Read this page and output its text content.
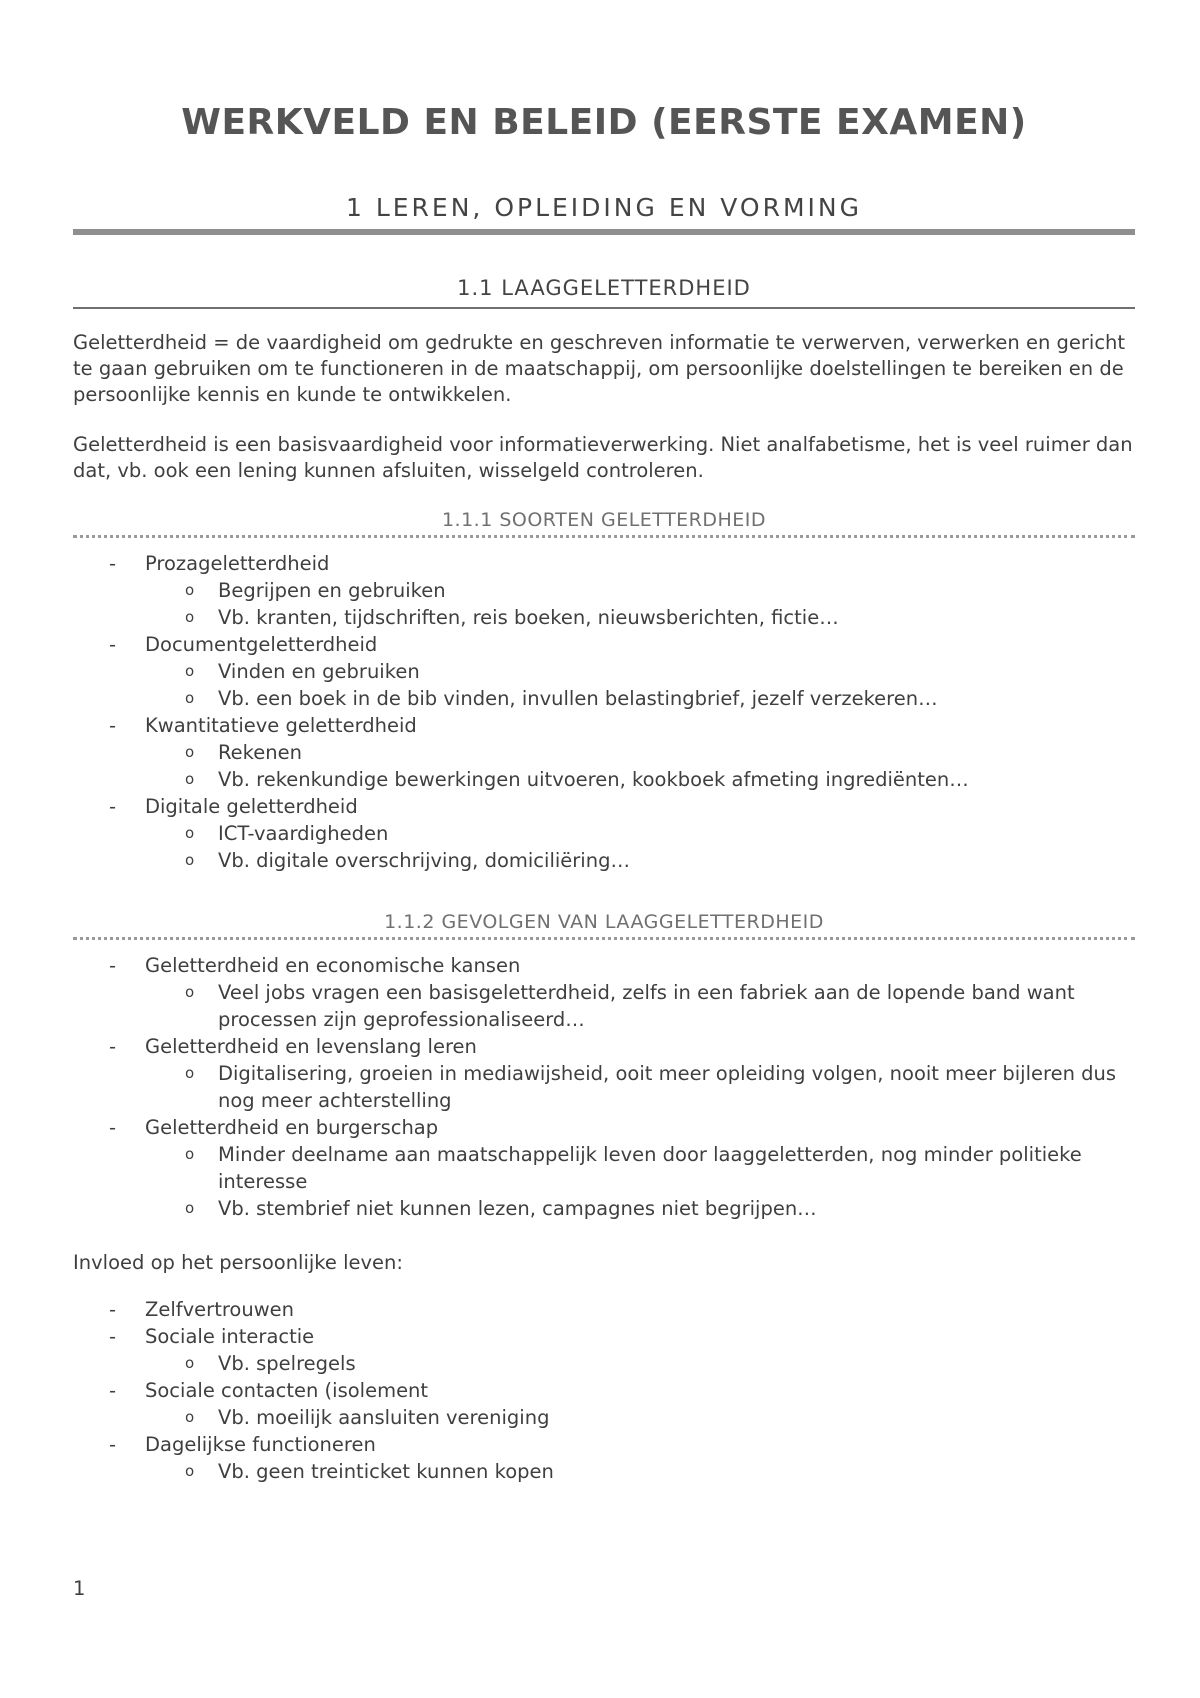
WERKVELD EN BELEID (EERSTE EXAMEN)
1 LEREN, OPLEIDING EN VORMING
1.1 LAAGGELETTERDHEID

Geletterdheid = de vaardigheid om gedrukte en geschreven informatie te verwerven, verwerken en gericht te gaan gebruiken om te functioneren in de maatschappij, om persoonlijke doelstellingen te bereiken en de persoonlijke kennis en kunde te ontwikkelen.

Geletterdheid is een basisvaardigheid voor informatieverwerking. Niet analfabetisme, het is veel ruimer dan dat, vb. ook een lening kunnen afsluiten, wisselgeld controleren.

1.1.1 SOORTEN GELETTERDHEID
- Prozageletterdheid
o Begrijpen en gebruiken
o Vb. kranten, tijdschriften, reis boeken, nieuwsberichten, fictie…
- Documentgeletterdheid
o Vinden en gebruiken
o Vb. een boek in de bib vinden, invullen belastingbrief, jezelf verzekeren…
- Kwantitatieve geletterdheid
o Rekenen
o Vb. rekenkundige bewerkingen uitvoeren, kookboek afmeting ingrediënten…
- Digitale geletterdheid
o ICT-vaardigheden
o Vb. digitale overschrijving, domiciliëring…
1.1.2 GEVOLGEN VAN LAAGGELETTERDHEID
- Geletterdheid en economische kansen
o Veel jobs vragen een basisgeletterdheid, zelfs in een fabriek aan de lopende band want processen zijn geprofessionaliseerd…
- Geletterdheid en levenslang leren
o Digitalisering, groeien in mediawijsheid, ooit meer opleiding volgen, nooit meer bijleren dus nog meer achterstelling
- Geletterdheid en burgerschap
o Minder deelname aan maatschappelijk leven door laaggeletterden, nog minder politieke interesse
o Vb. stembrief niet kunnen lezen, campagnes niet begrijpen…

Invloed op het persoonlijke leven:

- Zelfvertrouwen
- Sociale interactie
o Vb. spelregels
- Sociale contacten (isolement
o Vb. moeilijk aansluiten vereniging
- Dagelijkse functioneren
o Vb. geen treinticket kunnen kopen
1
